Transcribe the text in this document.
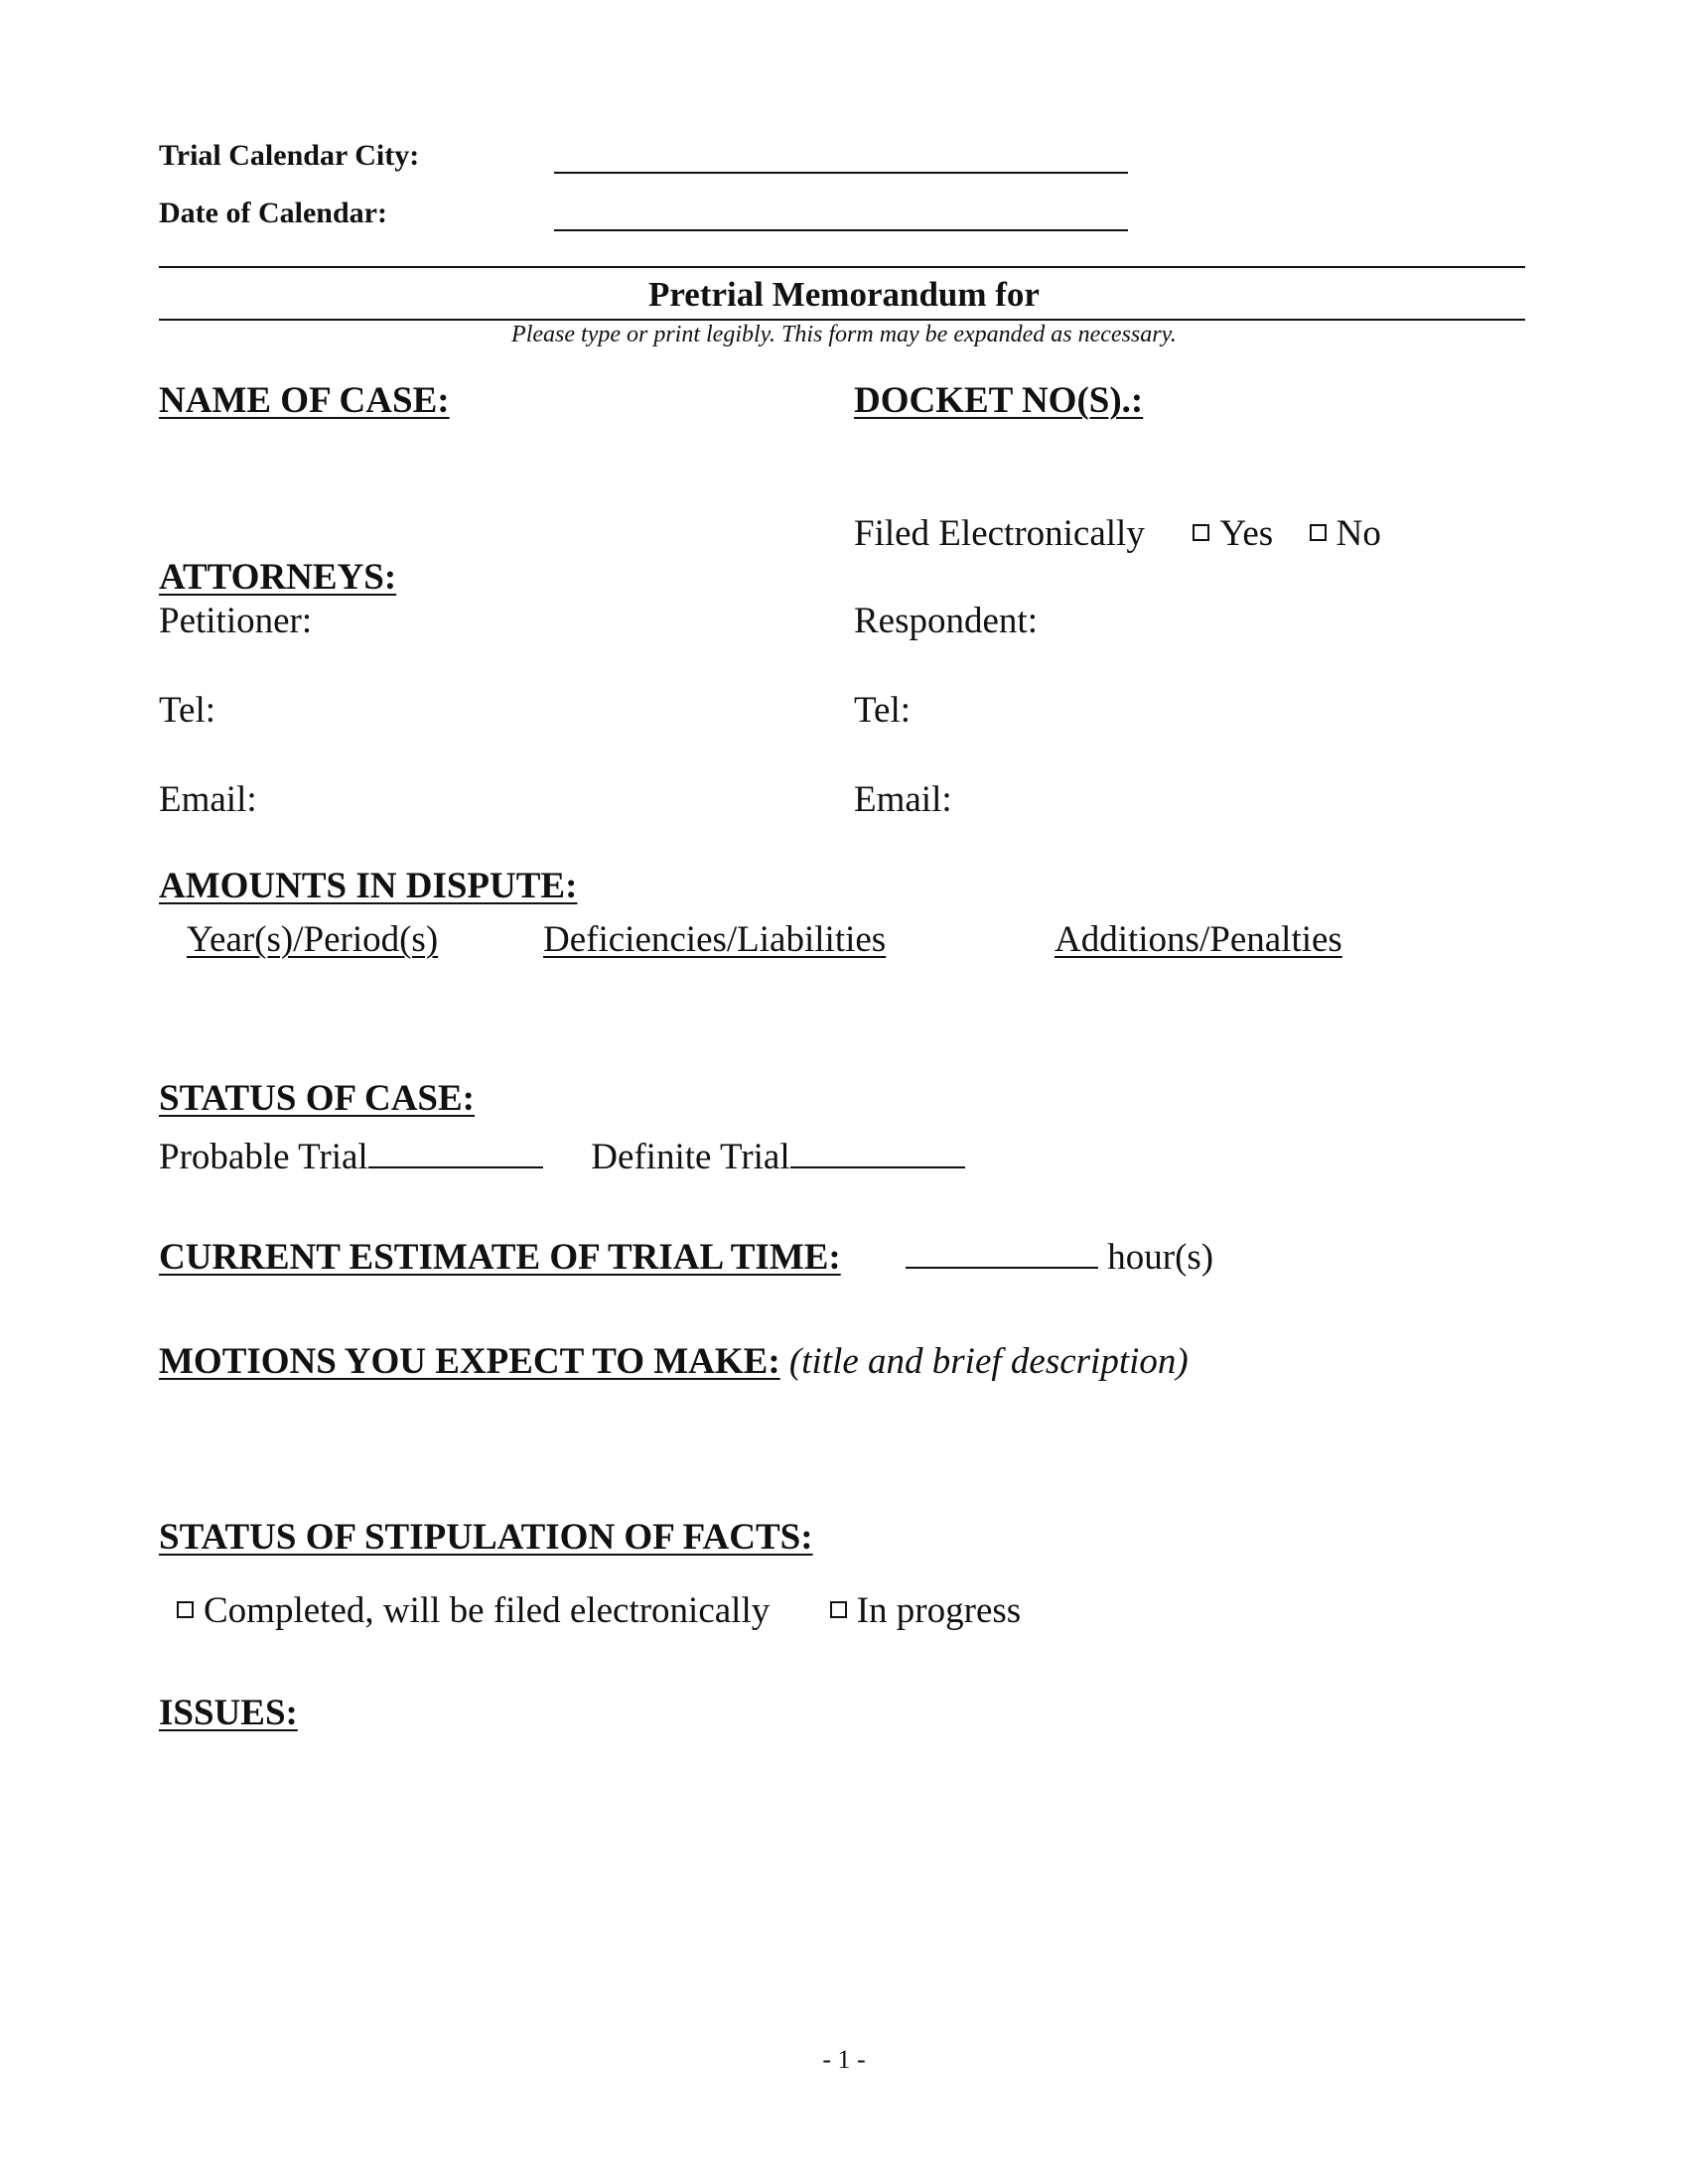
Trial Calendar City:
Date of Calendar:
Pretrial Memorandum for
Please type or print legibly. This form may be expanded as necessary.
NAME OF CASE:	DOCKET NO(S).:
Filed Electronically Yes No
ATTORNEYS:
Petitioner:	Respondent:
Tel:	Tel:
Email:	Email:
AMOUNTS IN DISPUTE:
Year(s)/Period(s)	Deficiencies/Liabilities	Additions/Penalties
STATUS OF CASE:
Probable Trial	Definite Trial
CURRENT ESTIMATE OF TRIAL TIME:	hour(s)
MOTIONS YOU EXPECT TO MAKE: (title and brief description)
STATUS OF STIPULATION OF FACTS:
Completed, will be filed electronically In progress
ISSUES:
- 1 -
